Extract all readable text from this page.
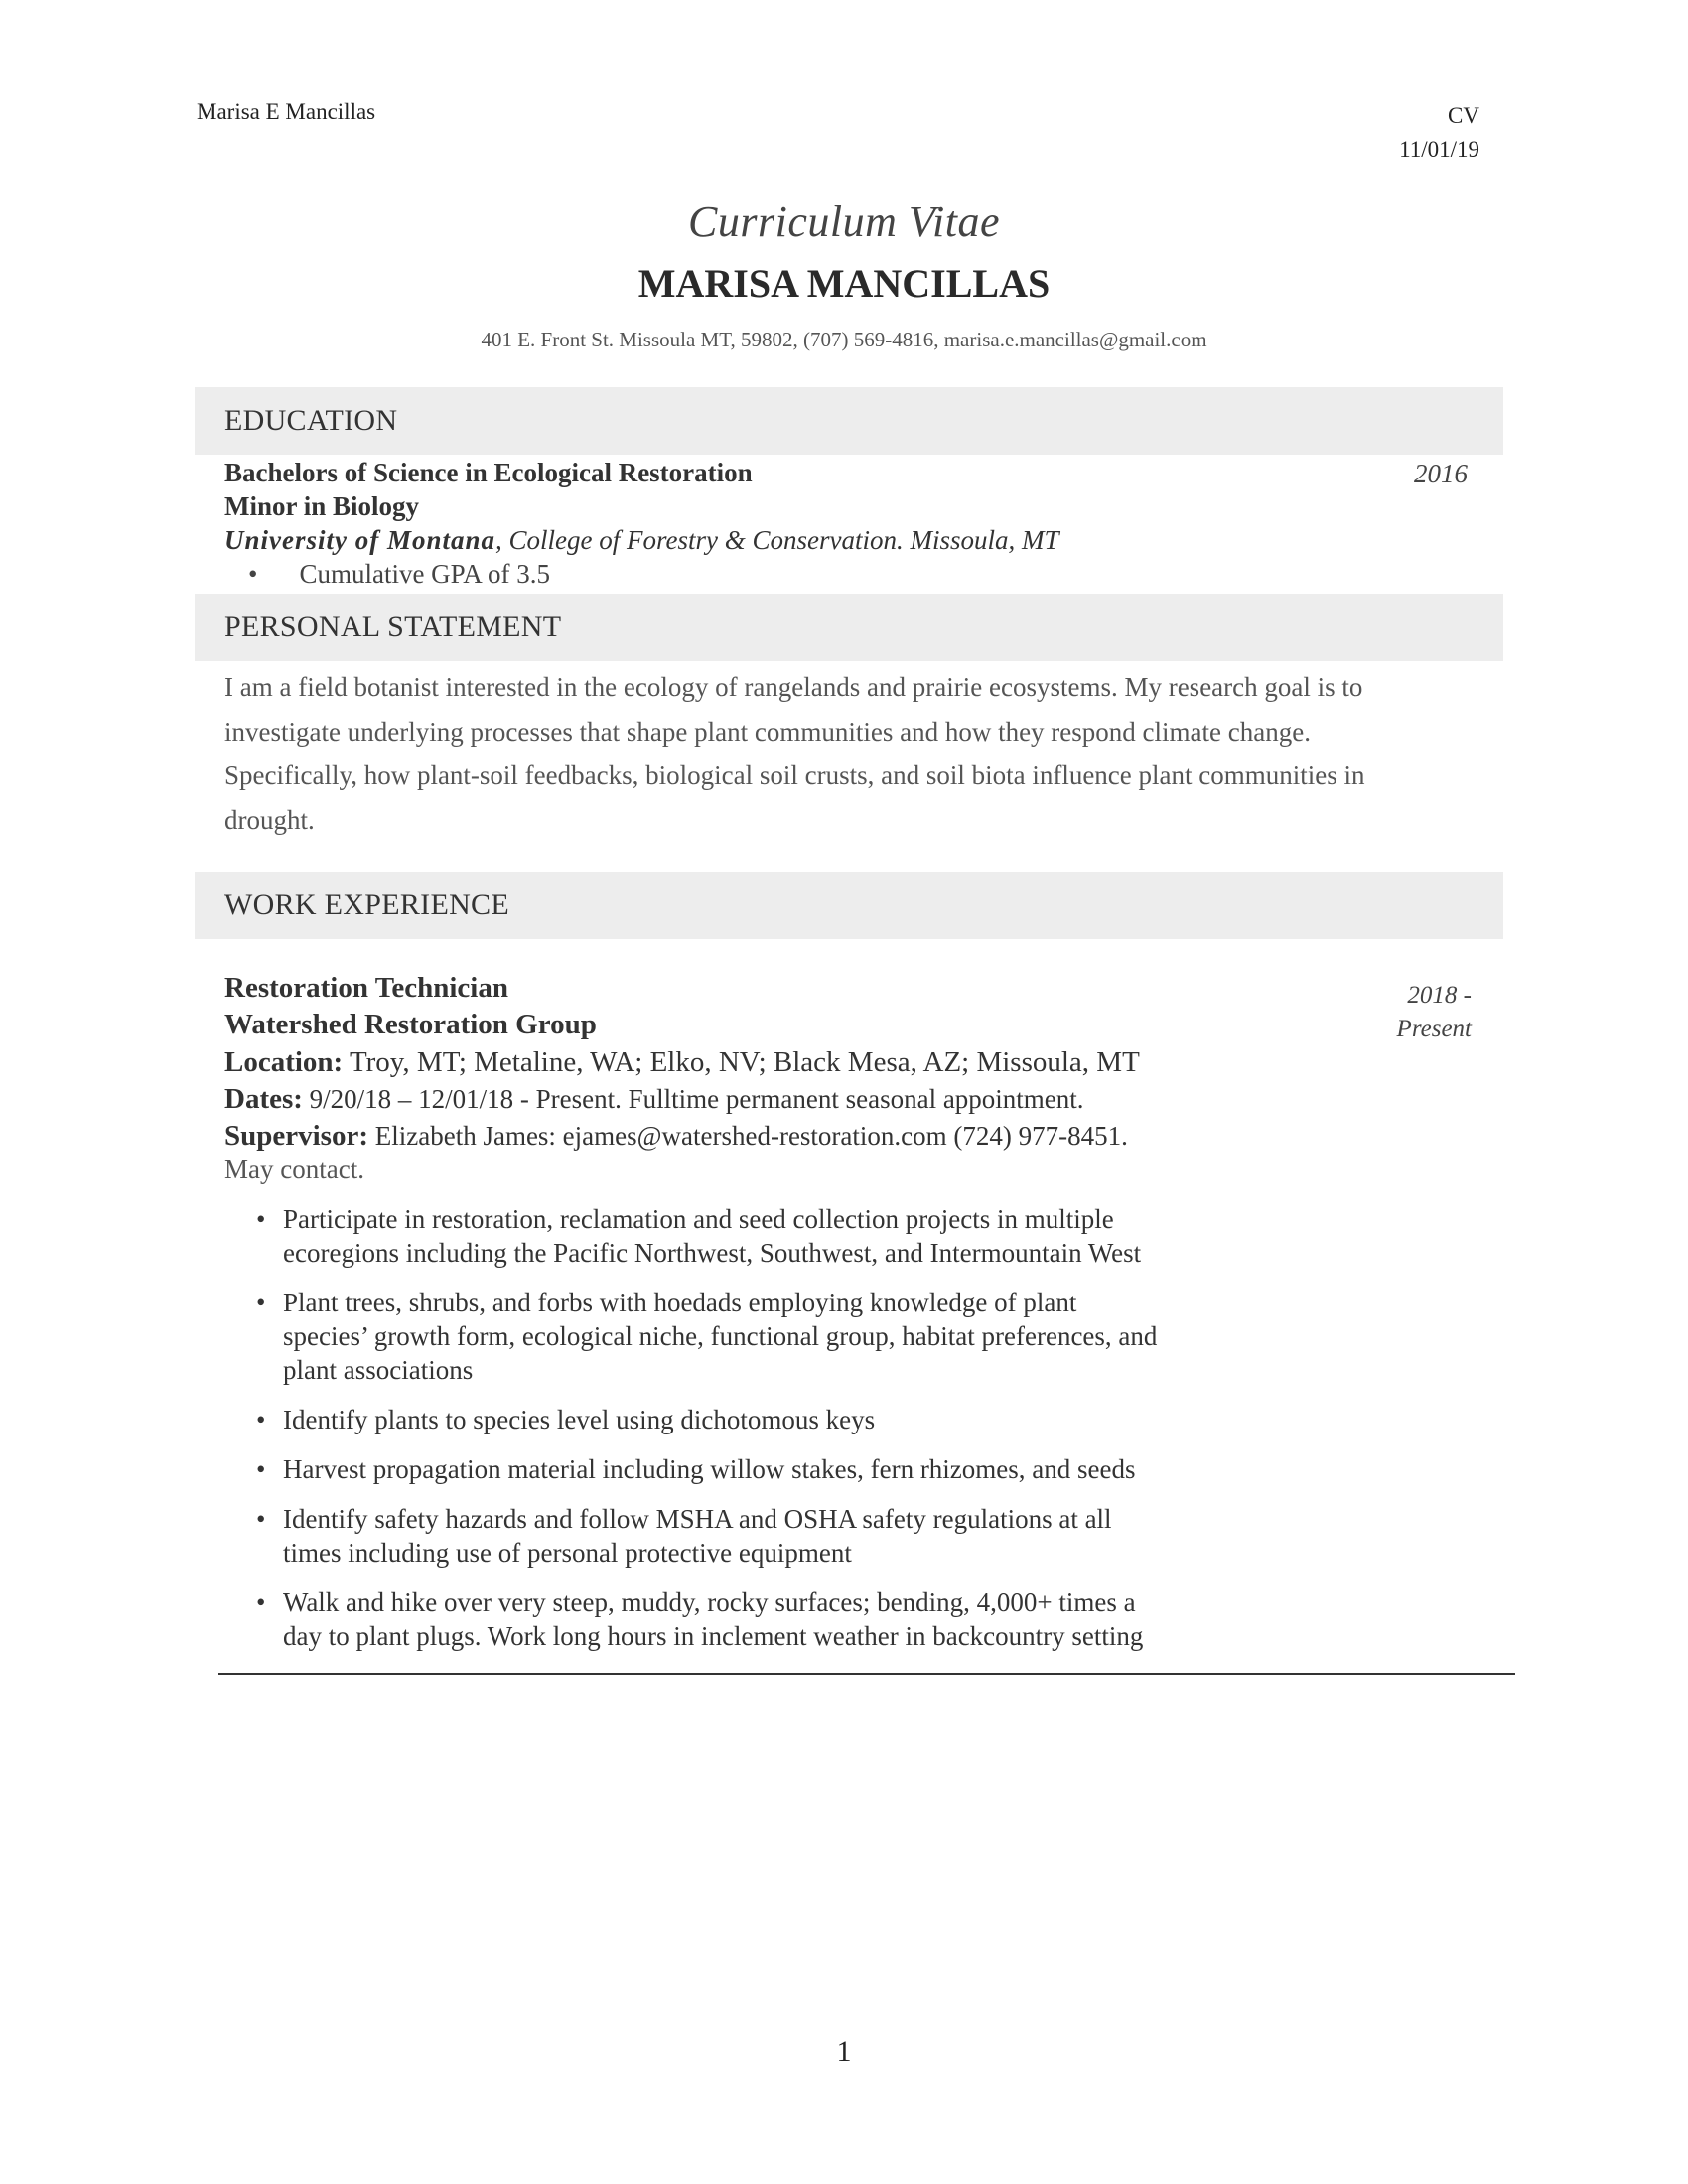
Marisa E Mancillas	CV
11/01/19
Curriculum Vitae
MARISA MANCILLAS
401 E. Front St. Missoula MT, 59802, (707) 569-4816, marisa.e.mancillas@gmail.com
EDUCATION
Bachelors of Science in Ecological Restoration	2016
Minor in Biology
University of Montana, College of Forestry & Conservation. Missoula, MT
• Cumulative GPA of 3.5
PERSONAL STATEMENT
I am a field botanist interested in the ecology of rangelands and prairie ecosystems. My research goal is to
investigate underlying processes that shape plant communities and how they respond climate change.
Specifically, how plant-soil feedbacks, biological soil crusts, and soil biota influence plant communities in
drought.
WORK EXPERIENCE
Restoration Technician	2018 -
Present
Watershed Restoration Group
Location: Troy, MT; Metaline, WA; Elko, NV; Black Mesa, AZ; Missoula, MT
Dates: 9/20/18 – 12/01/18 - Present. Fulltime permanent seasonal appointment.
Supervisor: Elizabeth James: ejames@watershed-restoration.com (724) 977-8451.
May contact.
• Participate in restoration, reclamation and seed collection projects in multiple
ecoregions including the Pacific Northwest, Southwest, and Intermountain West
• Plant trees, shrubs, and forbs with hoedads employing knowledge of plant
species’ growth form, ecological niche, functional group, habitat preferences, and
plant associations
• Identify plants to species level using dichotomous keys
• Harvest propagation material including willow stakes, fern rhizomes, and seeds
• Identify safety hazards and follow MSHA and OSHA safety regulations at all
times including use of personal protective equipment
• Walk and hike over very steep, muddy, rocky surfaces; bending, 4,000+ times a
day to plant plugs. Work long hours in inclement weather in backcountry setting
1
